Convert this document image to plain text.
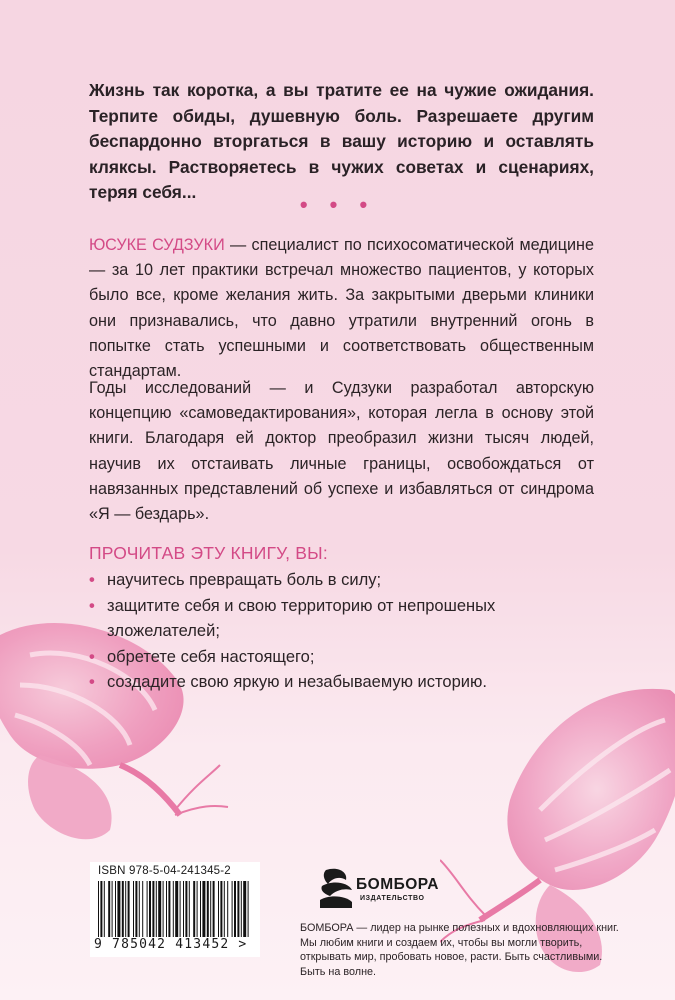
Жизнь так коротка, а вы тратите ее на чужие ожидания. Терпите обиды, душевную боль. Разрешаете другим беспардонно вторгаться в вашу историю и оставлять кляксы. Растворяетесь в чужих советах и сценариях, теряя себя...	• • •
ЮСУКЕ СУДЗУКИ — специалист по психосоматической медицине — за 10 лет практики встречал множество пациентов, у которых было все, кроме желания жить. За закрытыми дверьми клиники они признавались, что давно утратили внутренний огонь в попытке стать успешными и соответствовать общественным стандартам.
Годы исследований — и Судзуки разработал авторскую концепцию «самоведактирования», которая легла в основу этой книги. Благодаря ей доктор преобразил жизни тысяч людей, научив их отстаивать личные границы, освобождаться от навязанных представлений об успехе и избавляться от синдрома «Я — бездарь».
ПРОЧИТАВ ЭТУ КНИГУ, ВЫ:
• научитесь превращать боль в силу;
• защитите себя и свою территорию от непрошеных зложелателей;
• обретете себя настоящего;
• создадите свою яркую и незабываемую историю.
ISBN 978-5-04-241345-2
9 785042 413452 >
БОМБОРА
ИЗДАТЕЛЬСТВО
БОМБОРА — лидер на рынке полезных и вдохновляющих книг. Мы любим книги и создаем их, чтобы вы могли творить, открывать мир, пробовать новое, расти. Быть счастливыми. Быть на волне.
